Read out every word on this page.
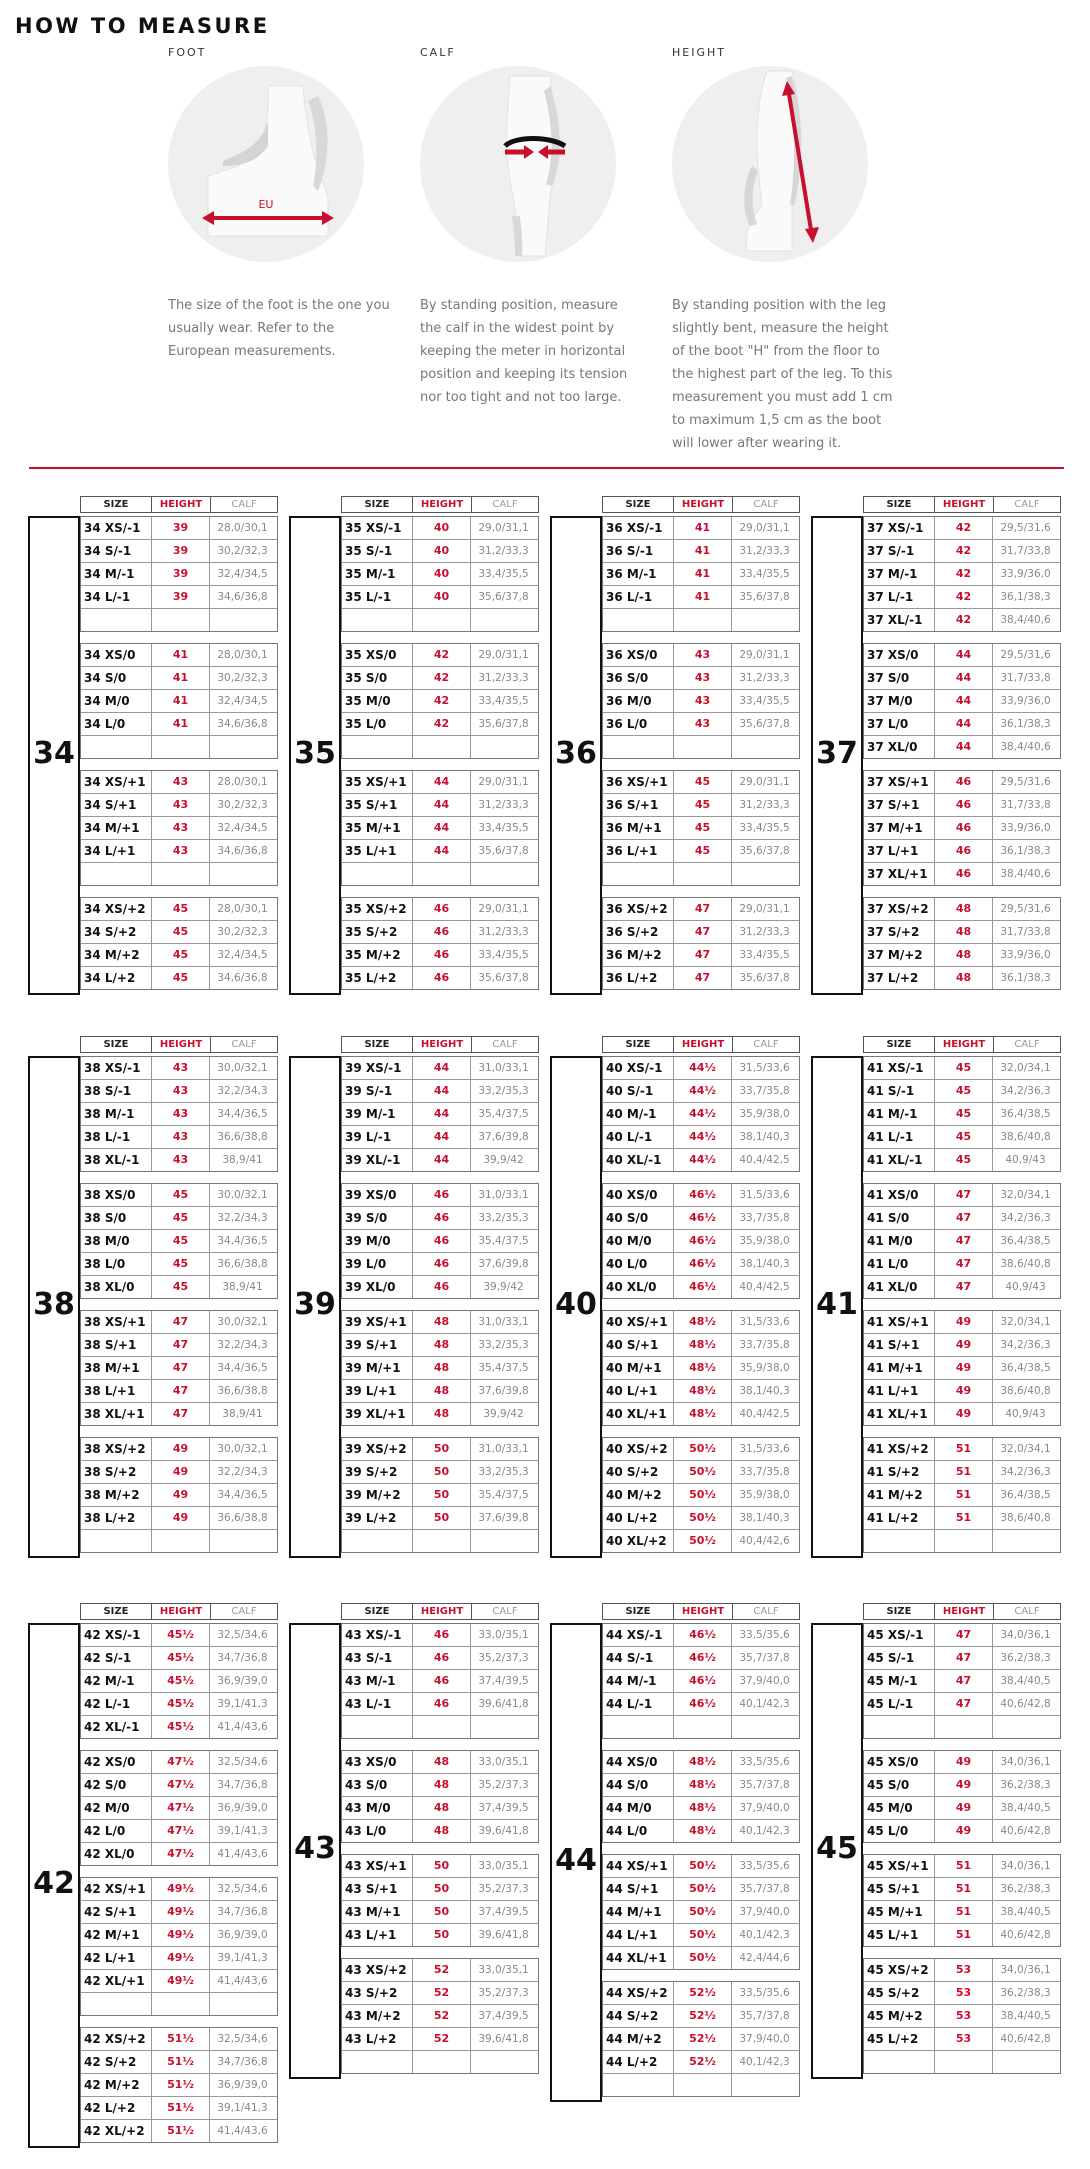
HOW TO MEASURE
FOOT
EU
The size of the foot is the one you usually wear. Refer to the European measurements.
CALF
By standing position, measure the calf in the widest point by keeping the meter in horizontal position and keeping its tension nor too tight and not too large.
HEIGHT
By standing position with the leg slightly bent, measure the height of the boot "H" from the floor to the highest part of the leg. To this measurement you must add 1 cm to maximum 1,5 cm as the boot will lower after wearing it.
SIZE	HEIGHT	CALF
34 XS/-1	39	28,0/30,1
34 S/-1	39	30,2/32,3
34 M/-1	39	32,4/34,5
34 L/-1	39	34,6/36,8
34 XS/0	41	28,0/30,1
34 S/0	41	30,2/32,3
34 M/0	41	32,4/34,5
34 L/0	41	34,6/36,8
34 XS/+1	43	28,0/30,1
34 S/+1	43	30,2/32,3
34 M/+1	43	32,4/34,5
34 L/+1	43	34,6/36,8
34 XS/+2	45	28,0/30,1
34 S/+2	45	30,2/32,3
34 M/+2	45	32,4/34,5
34 L/+2	45	34,6/36,8
34
SIZE	HEIGHT	CALF
35 XS/-1	40	29,0/31,1
35 S/-1	40	31,2/33,3
35 M/-1	40	33,4/35,5
35 L/-1	40	35,6/37,8
35 XS/0	42	29,0/31,1
35 S/0	42	31,2/33,3
35 M/0	42	33,4/35,5
35 L/0	42	35,6/37,8
35 XS/+1	44	29,0/31,1
35 S/+1	44	31,2/33,3
35 M/+1	44	33,4/35,5
35 L/+1	44	35,6/37,8
35 XS/+2	46	29,0/31,1
35 S/+2	46	31,2/33,3
35 M/+2	46	33,4/35,5
35 L/+2	46	35,6/37,8
35
SIZE	HEIGHT	CALF
36 XS/-1	41	29,0/31,1
36 S/-1	41	31,2/33,3
36 M/-1	41	33,4/35,5
36 L/-1	41	35,6/37,8
36 XS/0	43	29,0/31,1
36 S/0	43	31,2/33,3
36 M/0	43	33,4/35,5
36 L/0	43	35,6/37,8
36 XS/+1	45	29,0/31,1
36 S/+1	45	31,2/33,3
36 M/+1	45	33,4/35,5
36 L/+1	45	35,6/37,8
36 XS/+2	47	29,0/31,1
36 S/+2	47	31,2/33,3
36 M/+2	47	33,4/35,5
36 L/+2	47	35,6/37,8
36
SIZE	HEIGHT	CALF
37 XS/-1	42	29,5/31,6
37 S/-1	42	31,7/33,8
37 M/-1	42	33,9/36,0
37 L/-1	42	36,1/38,3
37 XL/-1	42	38,4/40,6
37 XS/0	44	29,5/31,6
37 S/0	44	31,7/33,8
37 M/0	44	33,9/36,0
37 L/0	44	36,1/38,3
37 XL/0	44	38,4/40,6
37 XS/+1	46	29,5/31,6
37 S/+1	46	31,7/33,8
37 M/+1	46	33,9/36,0
37 L/+1	46	36,1/38,3
37 XL/+1	46	38,4/40,6
37 XS/+2	48	29,5/31,6
37 S/+2	48	31,7/33,8
37 M/+2	48	33,9/36,0
37 L/+2	48	36,1/38,3
37
SIZE	HEIGHT	CALF
38 XS/-1	43	30,0/32,1
38 S/-1	43	32,2/34,3
38 M/-1	43	34,4/36,5
38 L/-1	43	36,6/38,8
38 XL/-1	43	38,9/41
38 XS/0	45	30,0/32,1
38 S/0	45	32,2/34,3
38 M/0	45	34,4/36,5
38 L/0	45	36,6/38,8
38 XL/0	45	38,9/41
38 XS/+1	47	30,0/32,1
38 S/+1	47	32,2/34,3
38 M/+1	47	34,4/36,5
38 L/+1	47	36,6/38,8
38 XL/+1	47	38,9/41
38 XS/+2	49	30,0/32,1
38 S/+2	49	32,2/34,3
38 M/+2	49	34,4/36,5
38 L/+2	49	36,6/38,8
38
SIZE	HEIGHT	CALF
39 XS/-1	44	31,0/33,1
39 S/-1	44	33,2/35,3
39 M/-1	44	35,4/37,5
39 L/-1	44	37,6/39,8
39 XL/-1	44	39,9/42
39 XS/0	46	31,0/33,1
39 S/0	46	33,2/35,3
39 M/0	46	35,4/37,5
39 L/0	46	37,6/39,8
39 XL/0	46	39,9/42
39 XS/+1	48	31,0/33,1
39 S/+1	48	33,2/35,3
39 M/+1	48	35,4/37,5
39 L/+1	48	37,6/39,8
39 XL/+1	48	39,9/42
39 XS/+2	50	31,0/33,1
39 S/+2	50	33,2/35,3
39 M/+2	50	35,4/37,5
39 L/+2	50	37,6/39,8
39
SIZE	HEIGHT	CALF
40 XS/-1	44½	31,5/33,6
40 S/-1	44½	33,7/35,8
40 M/-1	44½	35,9/38,0
40 L/-1	44½	38,1/40,3
40 XL/-1	44½	40,4/42,5
40 XS/0	46½	31,5/33,6
40 S/0	46½	33,7/35,8
40 M/0	46½	35,9/38,0
40 L/0	46½	38,1/40,3
40 XL/0	46½	40,4/42,5
40 XS/+1	48½	31,5/33,6
40 S/+1	48½	33,7/35,8
40 M/+1	48½	35,9/38,0
40 L/+1	48½	38,1/40,3
40 XL/+1	48½	40,4/42,5
40 XS/+2	50½	31,5/33,6
40 S/+2	50½	33,7/35,8
40 M/+2	50½	35,9/38,0
40 L/+2	50½	38,1/40,3
40 XL/+2	50½	40,4/42,6
40
SIZE	HEIGHT	CALF
41 XS/-1	45	32,0/34,1
41 S/-1	45	34,2/36,3
41 M/-1	45	36,4/38,5
41 L/-1	45	38,6/40,8
41 XL/-1	45	40,9/43
41 XS/0	47	32,0/34,1
41 S/0	47	34,2/36,3
41 M/0	47	36,4/38,5
41 L/0	47	38,6/40,8
41 XL/0	47	40,9/43
41 XS/+1	49	32,0/34,1
41 S/+1	49	34,2/36,3
41 M/+1	49	36,4/38,5
41 L/+1	49	38,6/40,8
41 XL/+1	49	40,9/43
41 XS/+2	51	32,0/34,1
41 S/+2	51	34,2/36,3
41 M/+2	51	36,4/38,5
41 L/+2	51	38,6/40,8
41
SIZE	HEIGHT	CALF
42 XS/-1	45½	32,5/34,6
42 S/-1	45½	34,7/36,8
42 M/-1	45½	36,9/39,0
42 L/-1	45½	39,1/41,3
42 XL/-1	45½	41,4/43,6
42 XS/0	47½	32,5/34,6
42 S/0	47½	34,7/36,8
42 M/0	47½	36,9/39,0
42 L/0	47½	39,1/41,3
42 XL/0	47½	41,4/43,6
42 XS/+1	49½	32,5/34,6
42 S/+1	49½	34,7/36,8
42 M/+1	49½	36,9/39,0
42 L/+1	49½	39,1/41,3
42 XL/+1	49½	41,4/43,6
42 XS/+2	51½	32,5/34,6
42 S/+2	51½	34,7/36,8
42 M/+2	51½	36,9/39,0
42 L/+2	51½	39,1/41,3
42 XL/+2	51½	41,4/43,6
42
SIZE	HEIGHT	CALF
43 XS/-1	46	33,0/35,1
43 S/-1	46	35,2/37,3
43 M/-1	46	37,4/39,5
43 L/-1	46	39,6/41,8
43 XS/0	48	33,0/35,1
43 S/0	48	35,2/37,3
43 M/0	48	37,4/39,5
43 L/0	48	39,6/41,8
43 XS/+1	50	33,0/35,1
43 S/+1	50	35,2/37,3
43 M/+1	50	37,4/39,5
43 L/+1	50	39,6/41,8
43 XS/+2	52	33,0/35,1
43 S/+2	52	35,2/37,3
43 M/+2	52	37,4/39,5
43 L/+2	52	39,6/41,8
43
SIZE	HEIGHT	CALF
44 XS/-1	46½	33,5/35,6
44 S/-1	46½	35,7/37,8
44 M/-1	46½	37,9/40,0
44 L/-1	46½	40,1/42,3
44 XS/0	48½	33,5/35,6
44 S/0	48½	35,7/37,8
44 M/0	48½	37,9/40,0
44 L/0	48½	40,1/42,3
44 XS/+1	50½	33,5/35,6
44 S/+1	50½	35,7/37,8
44 M/+1	50½	37,9/40,0
44 L/+1	50½	40,1/42,3
44 XL/+1	50½	42,4/44,6
44 XS/+2	52½	33,5/35,6
44 S/+2	52½	35,7/37,8
44 M/+2	52½	37,9/40,0
44 L/+2	52½	40,1/42,3
44
SIZE	HEIGHT	CALF
45 XS/-1	47	34,0/36,1
45 S/-1	47	36,2/38,3
45 M/-1	47	38,4/40,5
45 L/-1	47	40,6/42,8
45 XS/0	49	34,0/36,1
45 S/0	49	36,2/38,3
45 M/0	49	38,4/40,5
45 L/0	49	40,6/42,8
45 XS/+1	51	34,0/36,1
45 S/+1	51	36,2/38,3
45 M/+1	51	38,4/40,5
45 L/+1	51	40,6/42,8
45 XS/+2	53	34,0/36,1
45 S/+2	53	36,2/38,3
45 M/+2	53	38,4/40,5
45 L/+2	53	40,6/42,8
45
